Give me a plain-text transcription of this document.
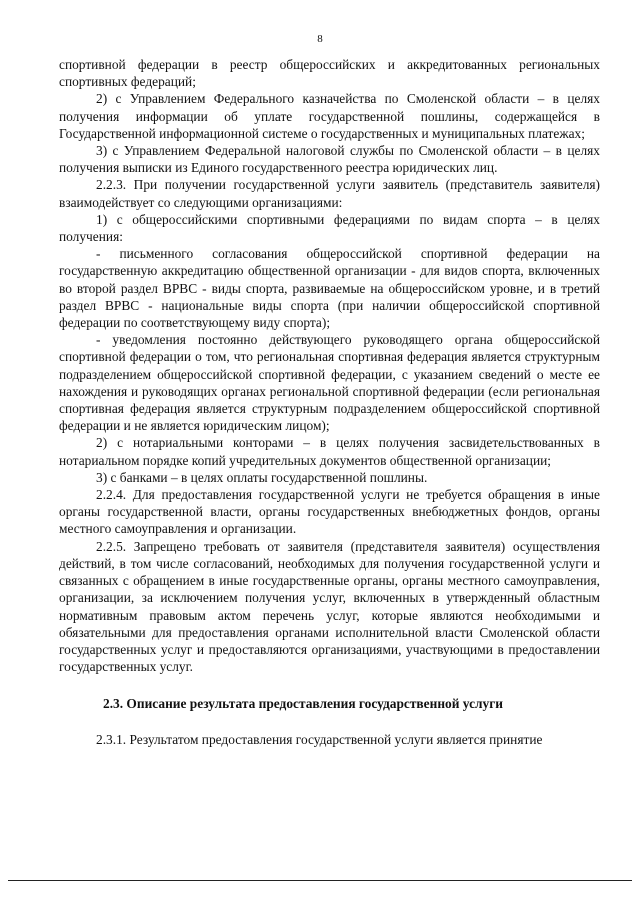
8

спортивной федерации в реестр общероссийских и аккредитованных региональных спортивных федераций;

2) с Управлением Федерального казначейства по Смоленской области – в целях получения информации об уплате государственной пошлины, содержащейся в Государственной информационной системе о государственных и муниципальных платежах;

3) с Управлением Федеральной налоговой службы по Смоленской области – в целях получения выписки из Единого государственного реестра юридических лиц.

2.2.3. При получении государственной услуги заявитель (представитель заявителя) взаимодействует со следующими организациями:

1) с общероссийскими спортивными федерациями по видам спорта – в целях получения:

- письменного согласования общероссийской спортивной федерации на государственную аккредитацию общественной организации - для видов спорта, включенных во второй раздел ВРВС - виды спорта, развиваемые на общероссийском уровне, и в третий раздел ВРВС - национальные виды спорта (при наличии общероссийской спортивной федерации по соответствующему виду спорта);

- уведомления постоянно действующего руководящего органа общероссийской спортивной федерации о том, что региональная спортивная федерация является структурным подразделением общероссийской спортивной федерации, с указанием сведений о месте ее нахождения и руководящих органах региональной спортивной федерации (если региональная спортивная федерация является структурным подразделением общероссийской спортивной федерации и не является юридическим лицом);

2) с нотариальными конторами – в целях получения засвидетельствованных в нотариальном порядке копий учредительных документов общественной организации;

3) с банками – в целях оплаты государственной пошлины.

2.2.4. Для предоставления государственной услуги не требуется обращения в иные органы государственной власти, органы государственных внебюджетных фондов, органы местного самоуправления и организации.

2.2.5. Запрещено требовать от заявителя (представителя заявителя) осуществления действий, в том числе согласований, необходимых для получения государственной услуги и связанных с обращением в иные государственные органы, органы местного самоуправления, организации, за исключением получения услуг, включенных в утвержденный областным нормативным правовым актом перечень услуг, которые являются необходимыми и обязательными для предоставления органами исполнительной власти Смоленской области государственных услуг и предоставляются организациями, участвующими в предоставлении государственных услуг.

2.3. Описание результата предоставления государственной услуги

2.3.1. Результатом предоставления государственной услуги является принятие
